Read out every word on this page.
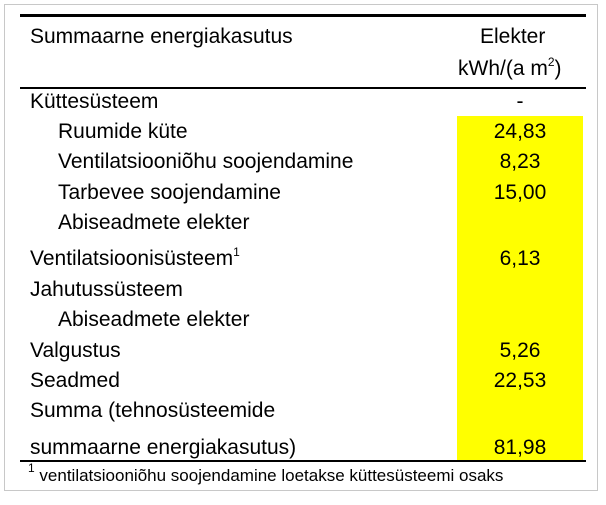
Summaarne energiakasutus	Elekter
kWh/(a $m^2$)
Küttesüsteem	-
Ruumide küte	24,83
Ventilatsiooniõhu soojendamine	8,23
Tarbevee soojendamine	15,00
Abiseadmete elekter
Ventilatsioonisüsteem$^1$	6,13
Jahutussüsteem
Abiseadmete elekter
Valgustus	5,26
Seadmed	22,53
Summa (tehnosüsteemide
summaarne energiakasutus)	81,98
$^1$ ventilatsiooniõhu soojendamine loetakse küttesüsteemi osaks
